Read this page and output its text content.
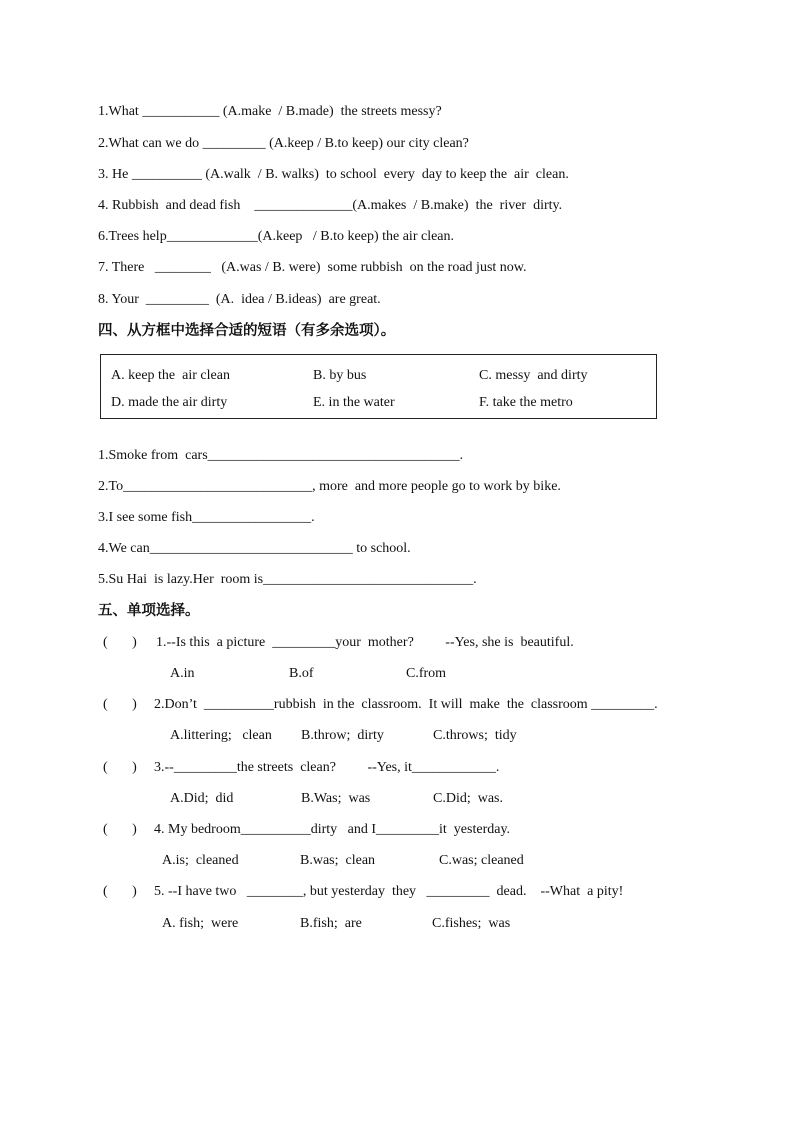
1.What ___________ (A.make  / B.made)  the streets messy?
2.What can we do _________ (A.keep / B.to keep) our city clean?
3. He __________ (A.walk  / B. walks)  to school  every  day to keep the  air  clean.
4. Rubbish  and dead fish    ______________(A.makes  / B.make)  the  river  dirty.
6.Trees help_____________(A.keep   / B.to keep) the air clean.
7. There   ________   (A.was / B. were)  some rubbish  on the road just now.
8. Your  _________  (A.  idea / B.ideas)  are great.
四、从方框中选择合适的短语（有多余选项）。
A. keep the  air clean	B. by bus	C. messy  and dirty
D. made the air dirty	E. in the water	F. take the metro
1.Smoke from  cars____________________________________.
2.To___________________________, more  and more people go to work by bike.
3.I see some fish_________________.
4.We can_____________________________ to school.
5.Su Hai  is lazy.Her  room is______________________________.
五、单项选择。
(       ) 1.--Is this  a picture  _________your  mother?         --Yes, she is  beautiful.
A.in	B.of	C.from
(       ) 2.Don’t  __________rubbish  in the  classroom.  It will  make  the  classroom _________.
A.littering;   clean B.throw;  dirty	C.throws;  tidy
(       ) 3.--_________the streets  clean?         --Yes, it____________.
A.Did;  did	B.Was;  was	C.Did;  was.
(       ) 4. My bedroom__________dirty   and I_________it  yesterday.
A.is;  cleaned	B.was;  clean	C.was; cleaned
(       ) 5. --I have two   ________, but yesterday  they   _________  dead.    --What  a pity!
A. fish;  were	B.fish;  are	C.fishes;  was
